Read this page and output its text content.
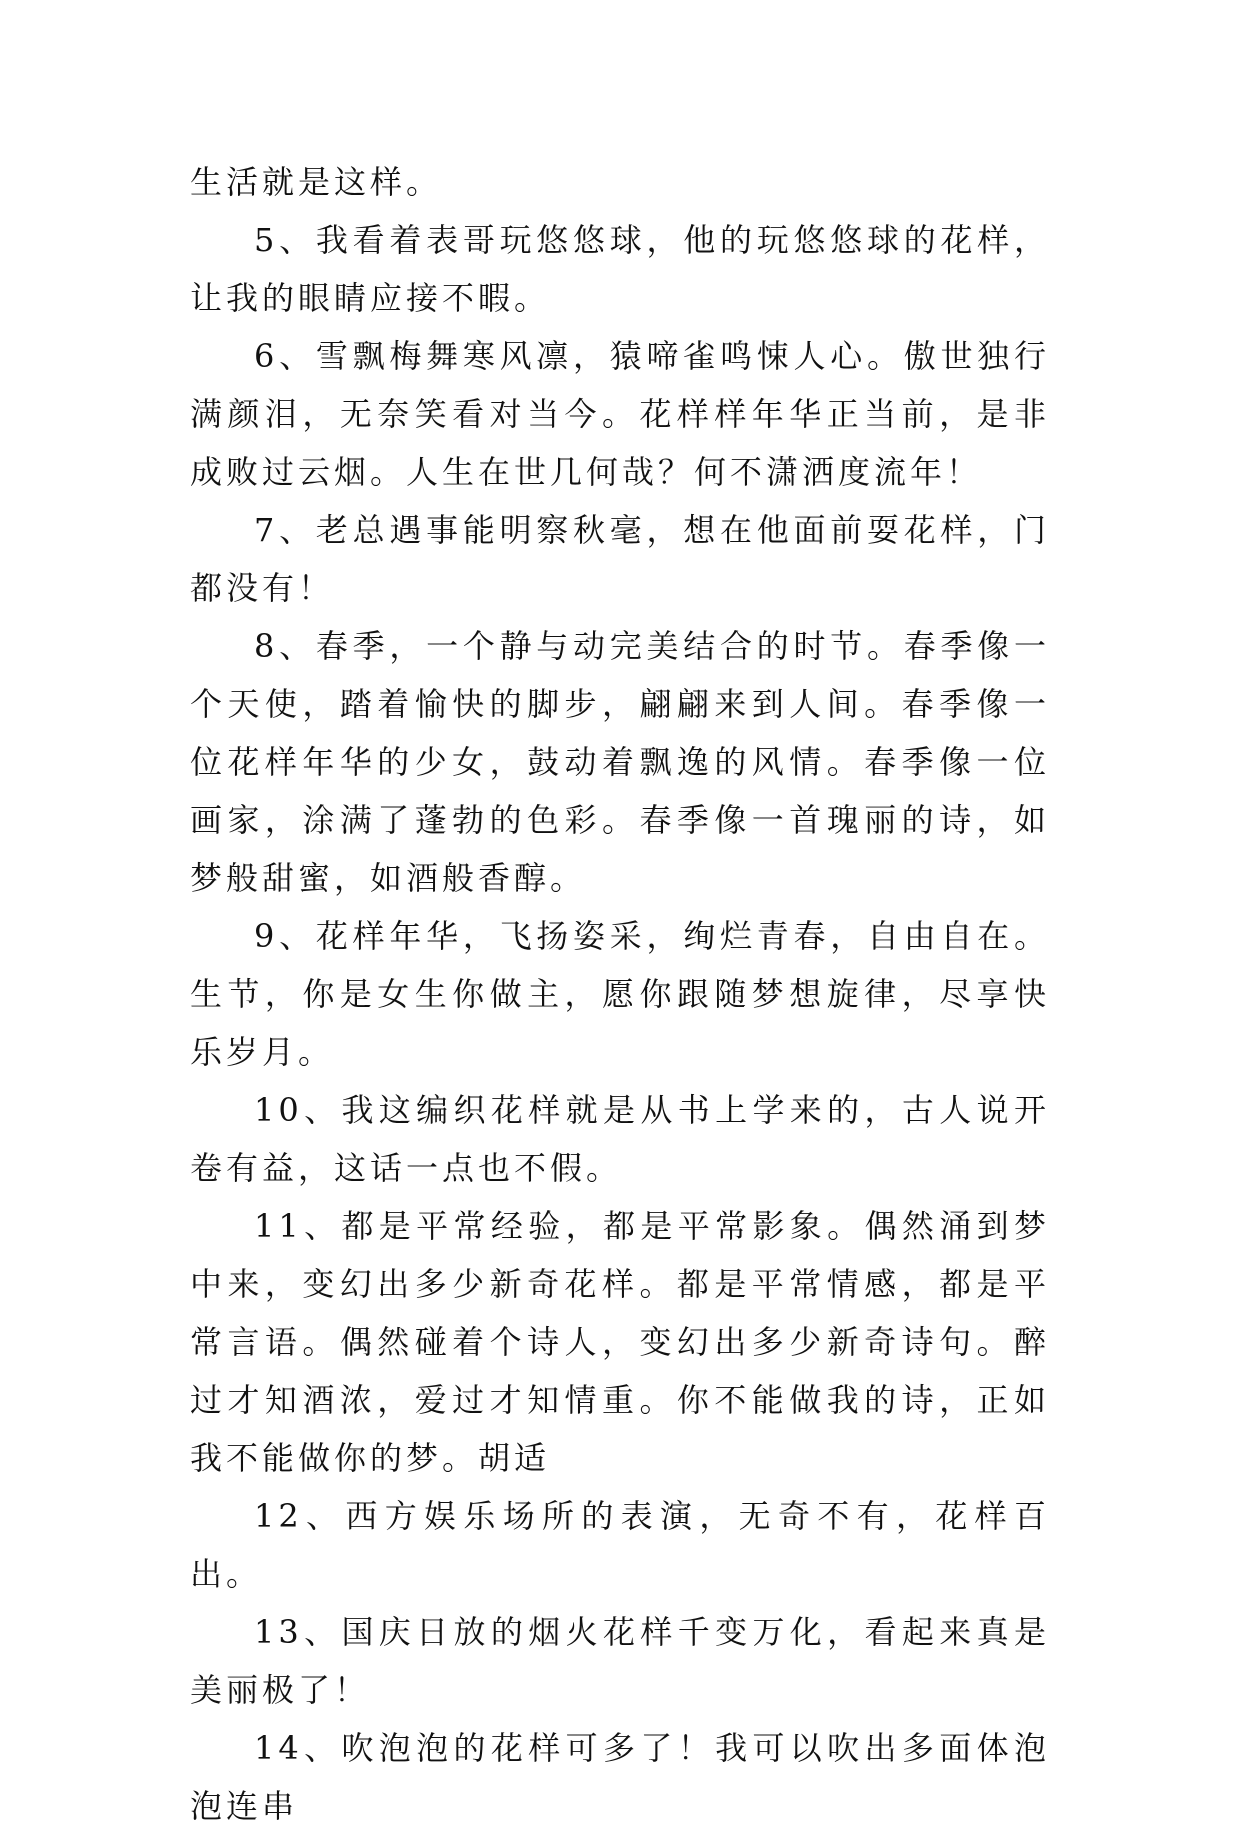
生活就是这样。

5、我看着表哥玩悠悠球，他的玩悠悠球的花样，让我的眼睛应接不暇。

6、雪飘梅舞寒风凛，猿啼雀鸣悚人心。傲世独行满颜泪，无奈笑看对当今。花样样年华正当前，是非成败过云烟。人生在世几何哉？何不潇洒度流年！

7、老总遇事能明察秋毫，想在他面前耍花样，门都没有！

8、春季，一个静与动完美结合的时节。春季像一个天使，踏着愉快的脚步，翩翩来到人间。春季像一位花样年华的少女，鼓动着飘逸的风情。春季像一位画家，涂满了蓬勃的色彩。春季像一首瑰丽的诗，如梦般甜蜜，如酒般香醇。

9、花样年华，飞扬姿采，绚烂青春，自由自在。生节，你是女生你做主，愿你跟随梦想旋律，尽享快乐岁月。

10、我这编织花样就是从书上学来的，古人说开卷有益，这话一点也不假。

11、都是平常经验，都是平常影象。偶然涌到梦中来，变幻出多少新奇花样。都是平常情感，都是平常言语。偶然碰着个诗人，变幻出多少新奇诗句。醉过才知酒浓，爱过才知情重。你不能做我的诗，正如我不能做你的梦。胡适

12、西方娱乐场所的表演，无奇不有，花样百出。

13、国庆日放的烟火花样千变万化，看起来真是美丽极了！

14、吹泡泡的花样可多了！我可以吹出多面体泡泡连串
